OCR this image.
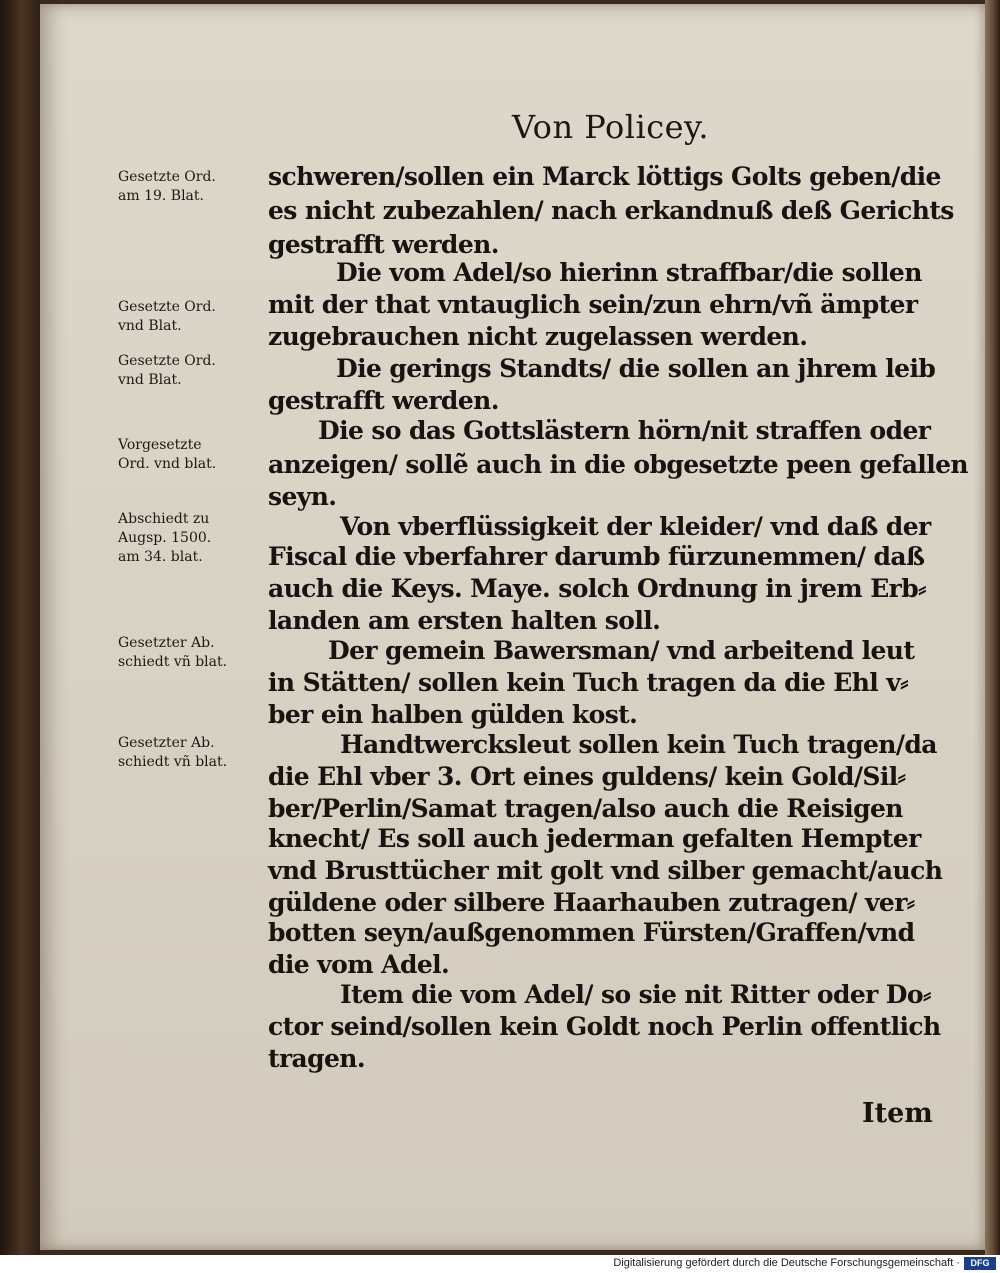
Von Policey.
schweren/sollen ein Marck löttigs Golts geben/die
es nicht zubezahlen/ nach erkandnuß deß Gerichts
gestrafft werden.
Die vom Adel/so hierinn straffbar/die sollen
mit der that vntauglich sein/zun ehrn/vñ ämpter
zugebrauchen nicht zugelassen werden.
Die gerings Standts/ die sollen an jhrem leib
gestrafft werden.
Die so das Gottslästern hörn/nit straffen oder
anzeigen/ sollẽ auch in die obgesetzte peen gefallen
seyn.
Von vberflüssigkeit der kleider/ vnd daß der
Fiscal die vberfahrer darumb fürzunemmen/ daß
auch die Keys. Maye. solch Ordnung in jrem Erb⸗
landen am ersten halten soll.
Der gemein Bawersman/ vnd arbeitend leut
in Stätten/ sollen kein Tuch tragen da die Ehl v⸗
ber ein halben gülden kost.
Handtwercksleut sollen kein Tuch tragen/da
die Ehl vber 3. Ort eines guldens/ kein Gold/Sil⸗
ber/Perlin/Samat tragen/also auch die Reisigen
knecht/ Es soll auch jederman gefalten Hempter
vnd Brusttücher mit golt vnd silber gemacht/auch
güldene oder silbere Haarhauben zutragen/ ver⸗
botten seyn/außgenommen Fürsten/Graffen/vnd
die vom Adel.
Item die vom Adel/ so sie nit Ritter oder Do⸗
ctor seind/sollen kein Goldt noch Perlin offentlich
tragen.
Gesetzte Ord.
am 19. Blat.
Gesetzte Ord.
vnd Blat.
Gesetzte Ord.
vnd Blat.
Vorgesetzte
Ord. vnd blat.
Abschiedt zu
Augsp. 1500.
am 34. blat.
Gesetzter Ab.
schiedt vñ blat.
Gesetzter Ab.
schiedt vñ blat.
Item
Digitalisierung gefördert durch die Deutsche Forschungsgemeinschaft ·	DFG
